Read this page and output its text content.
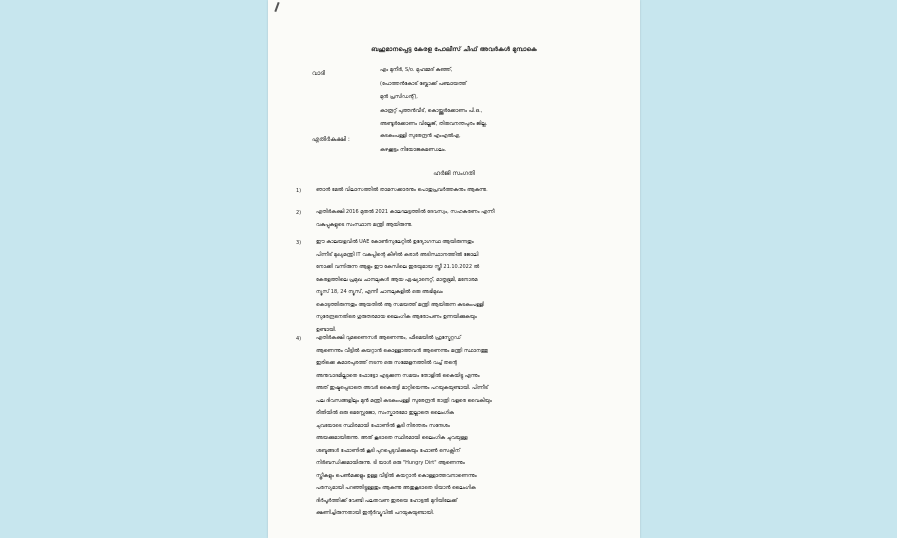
ബഹുമാനപ്പെട്ട കേരള പോലീസ് ചീഫ് അവർകൾ മുമ്പാകെ
വാദി	എം മുനീർ, S/o. മുഹമ്മദ് കുഞ്ഞ്,
(പോത്തൻകോട് ബ്ലോക്ക് പഞ്ചായത്ത്
മുൻ പ്രസിഡന്റ്),
കാരൂറ്റ് പുത്തൻവീട്, കൊയ്ത്തൂർക്കോണം പി.ഒ.,
അണ്ടൂർക്കോണം വില്ലേജ്, തിരുവനന്തപുരം ജില്ല.
എതിർകക്ഷി :	കടകംപള്ളി സുരേന്ദ്രൻ എംഎൽഎ,
കഴക്കൂട്ടം നിയോജകമണ്ഡലം.
ഹർജി സംഗതി
1)	ഞാൻ മേൽ വിലാസത്തിൽ താമസക്കാരനും പൊതുപ്രവർത്തകനും ആകുന്നു.
2)	എതിർകക്ഷി 2016 മുതൽ 2021 കാലഘട്ടത്തിൽ ദേവസ്വം, സഹകരണം എന്നീ
വകുപ്പുകളുടെ സംസ്ഥാന മന്ത്രി ആയിരുന്നു.
3)	ഈ കാലയളവിൽ UAE കോൺസുലേറ്റിൽ ഉദ്യോഗസ്ഥ ആയിരുന്നതും
പിന്നീട് മുഖ്യമന്ത്രി IT വകുപ്പിന്റെ കീഴിൽ കരാർ അടിസ്ഥാനത്തിൽ ജോലി
നോക്കി വന്നിരുന്ന ആളും ഈ കേസിലെ ഇരയുമായ സ്ത്രീ 21.10.2022 ൽ
കേരളത്തിലെ പ്രമുഖ ചാനലുകൾ ആയ ഏഷ്യാനെറ്റ്, മാതൃഭൂമി, മനോരമ
ന്യൂസ് 18, 24 ന്യൂസ്, എന്നീ ചാനലുകളിൽ ഒരു അഭിമുഖം
കൊടുത്തിരുന്നതും ആയതിൽ ആ സമയത്ത് മന്ത്രി ആയിരുന്ന കടകംപള്ളി
സുരേന്ദ്രനെതിരെ ഗുരുതരമായ ലൈംഗിക ആരോപണം ഉന്നയിക്കുകയും
ഉണ്ടായി.
4)	എതിർകക്ഷി വുമണൈസർ ആണെന്നും, ഫീമെയിൽ ഫ്രസ്ട്രേറ്റഡ്
ആണെന്നും വീട്ടിൽ കയറ്റാൻ കൊള്ളാത്തവൻ ആണെന്നും മന്ത്രി സ്ഥാനത്തു
ഇരിക്കെ കുമാരപുരത്ത് നടന്ന ഒരു സമ്മേളനത്തിൽ വച്ച് തന്റെ
അനുവാദമില്ലാതെ ഫോട്ടോ എടുക്കുന്ന സമയം തോളിൽ കൈയിട്ടു എന്നും
അത് ഇഷ്ടപ്പെടാതെ അവർ കൈതട്ടി മാറ്റിയെന്നും പറയുകയുണ്ടായി. പിന്നീട്
പല ദിവസങ്ങളിലും മുൻ മന്ത്രി കടകംപള്ളി സുരേന്ദ്രൻ രാത്രി വളരെ വൈകിയും
രീതിയിൽ ഒരു മെസ്സേജോ, സംസ്കാരമോ ഇല്ലാതെ ലൈംഗിക
ചുവയോടെ സ്ഥിരമായി ഫോണിൽ കൂടി നിരന്തരം സന്ദേശം
അയക്കുമായിരുന്നു. അത് കൂടാതെ സ്ഥിരമായി ലൈംഗിക ചുവയുള്ള
ശബ്ദങ്ങൾ ഫോണിൽ കൂടി പുറപ്പെടുവിക്കുകയും ഫോൺ സെക്സിന്
നിർബന്ധിക്കുമായിരുന്നു. ടി യാൾ ഒരു "Hungry Dirt" ആണെന്നും
സ്ത്രീകളും പെൺമക്കളും ഉള്ള വീട്ടിൽ കയറ്റാൻ കൊള്ളാത്തവനാണെന്നും
പരസ്യമായി പറഞ്ഞിട്ടുള്ളതും ആകുന്നു അതുകൂടാതെ ടിയാൻ ലൈംഗിക
ദിർപൂർത്തിക്ക് വേണ്ടി പലതവണ ഇരയെ ഹോട്ടൽ മുറിയിലേക്ക്
ക്ഷണിച്ചിരുന്നതായി ഇന്റർവ്യൂവിൽ പറയുകയുണ്ടായി.
